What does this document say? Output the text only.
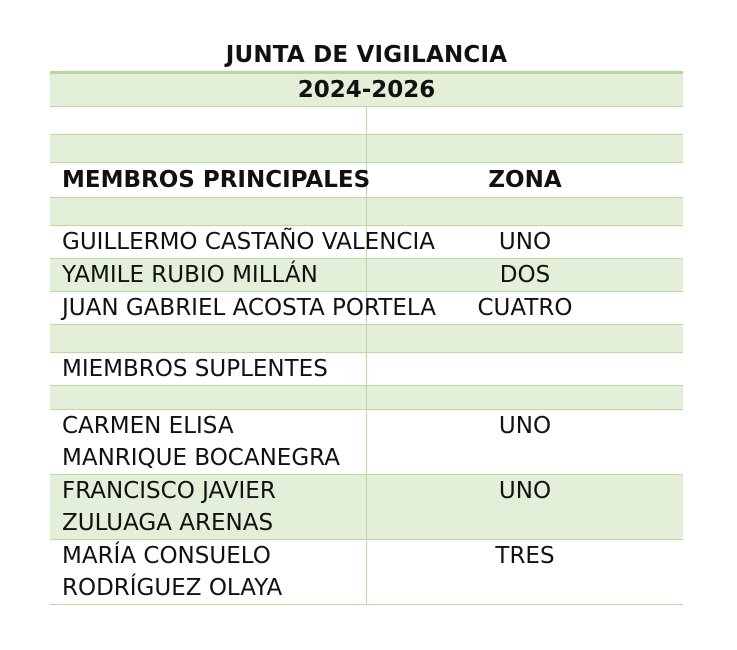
JUNTA DE VIGILANCIA
2024-2026	

MEMBROS PRINCIPALES	ZONA

GUILLERMO CASTAÑO VALENCIA	UNO
YAMILE RUBIO MILLÁN	DOS
JUAN GABRIEL ACOSTA PORTELA	CUATRO

MIEMBROS SUPLENTES	

CARMEN ELISA MANRIQUE BOCANEGRA	UNO
FRANCISCO JAVIER ZULUAGA ARENAS	UNO
MARÍA CONSUELO RODRÍGUEZ OLAYA	TRES
